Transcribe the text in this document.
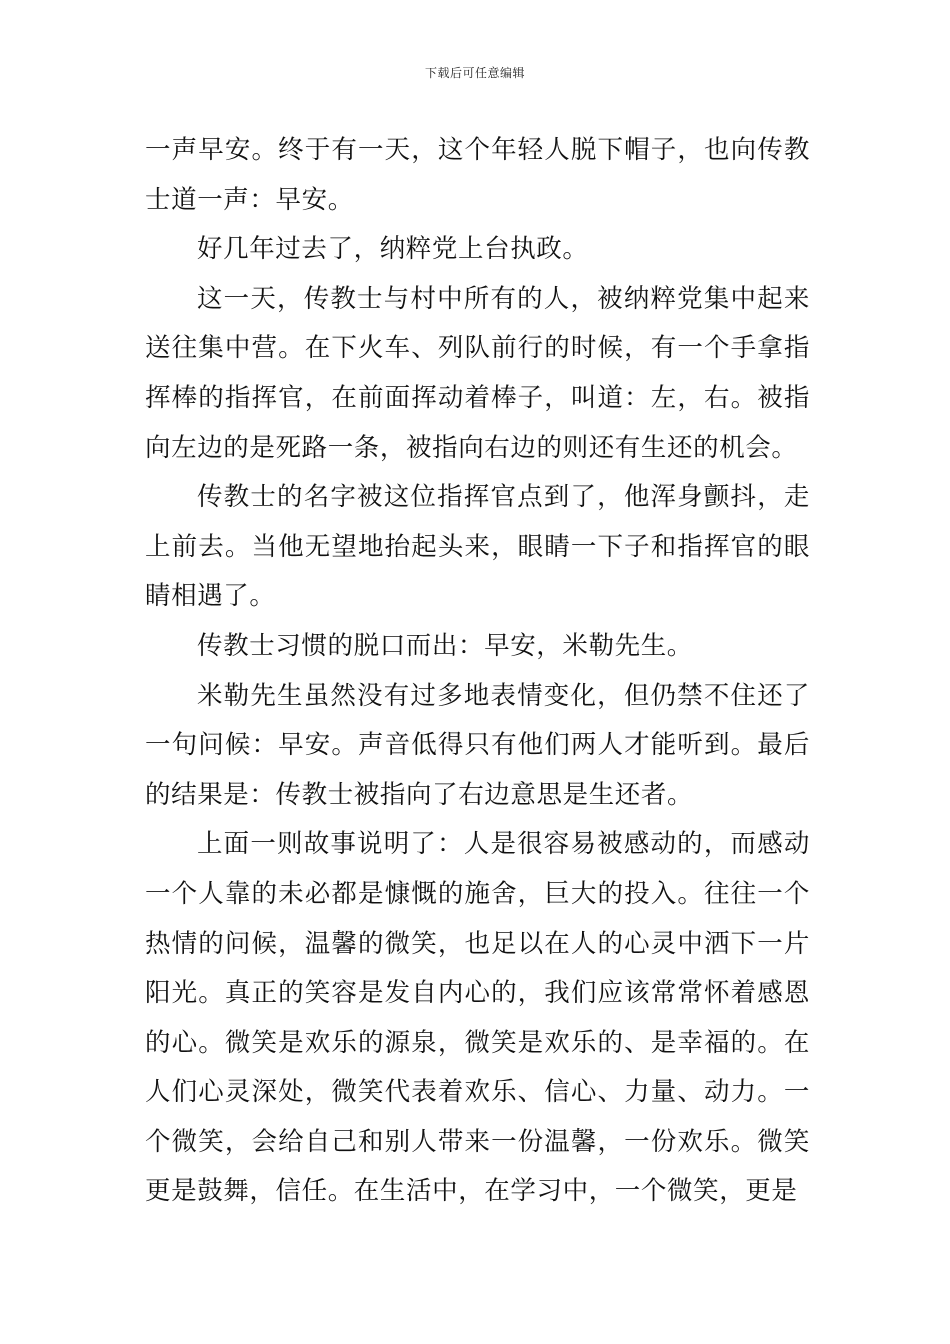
下载后可任意编辑

一声早安。终于有一天，这个年轻人脱下帽子，也向传教士道一声：早安。

好几年过去了，纳粹党上台执政。

这一天，传教士与村中所有的人，被纳粹党集中起来送往集中营。在下火车、列队前行的时候，有一个手拿指挥棒的指挥官，在前面挥动着棒子，叫道：左，右。被指向左边的是死路一条，被指向右边的则还有生还的机会。

传教士的名字被这位指挥官点到了，他浑身颤抖，走上前去。当他无望地抬起头来，眼睛一下子和指挥官的眼睛相遇了。

传教士习惯的脱口而出：早安，米勒先生。

米勒先生虽然没有过多地表情变化，但仍禁不住还了一句问候：早安。声音低得只有他们两人才能听到。最后的结果是：传教士被指向了右边意思是生还者。

上面一则故事说明了：人是很容易被感动的，而感动一个人靠的未必都是慷慨的施舍，巨大的投入。往往一个热情的问候，温馨的微笑，也足以在人的心灵中洒下一片阳光。真正的笑容是发自内心的，我们应该常常怀着感恩的心。微笑是欢乐的源泉，微笑是欢乐的、是幸福的。在人们心灵深处，微笑代表着欢乐、信心、力量、动力。一个微笑，会给自己和别人带来一份温馨，一份欢乐。微笑更是鼓舞，信任。在生活中，在学习中，一个微笑，更是
